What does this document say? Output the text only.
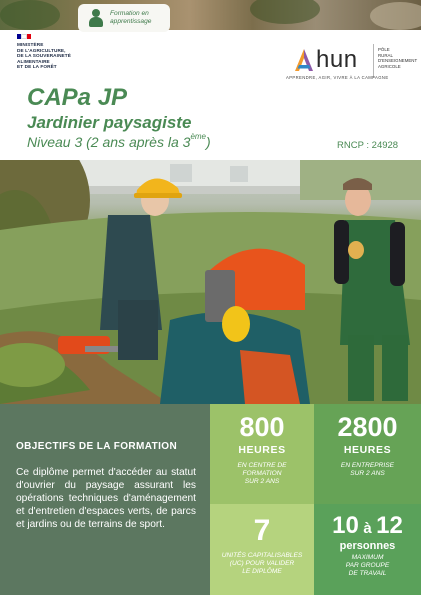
Formation en
apprentissage
MINISTÈRE
DE L'AGRICULTURE,
DE LA SOUVERAINETÉ
ALIMENTAIRE
ET DE LA FORÊT	hun	PÔLE
RURAL
D'ENSEIGNEMENT
AGRICOLE
APPRENDRE, AGIR, VIVRE À LA CAMPAGNE
CAPa JP
Jardinier paysagiste
Niveau 3 (2 ans après la 3ème)	RNCP : 24928
OBJECTIFS DE LA FORMATION
Ce diplôme permet d'accéder au statut d'ouvrier du paysage assurant les opérations techniques d'aménagement et d'entretien d'espaces verts, de parcs et jardins ou de terrains de sport.
800
HEURES
EN CENTRE DE
FORMATION
SUR 2 ANS
2800
HEURES
EN ENTREPRISE
SUR 2 ANS
7
UNITÉS CAPITALISABLES
(UC) POUR VALIDER
LE DIPLÔME
10 à 12
personnes
MAXIMUM
PAR GROUPE
DE TRAVAIL
